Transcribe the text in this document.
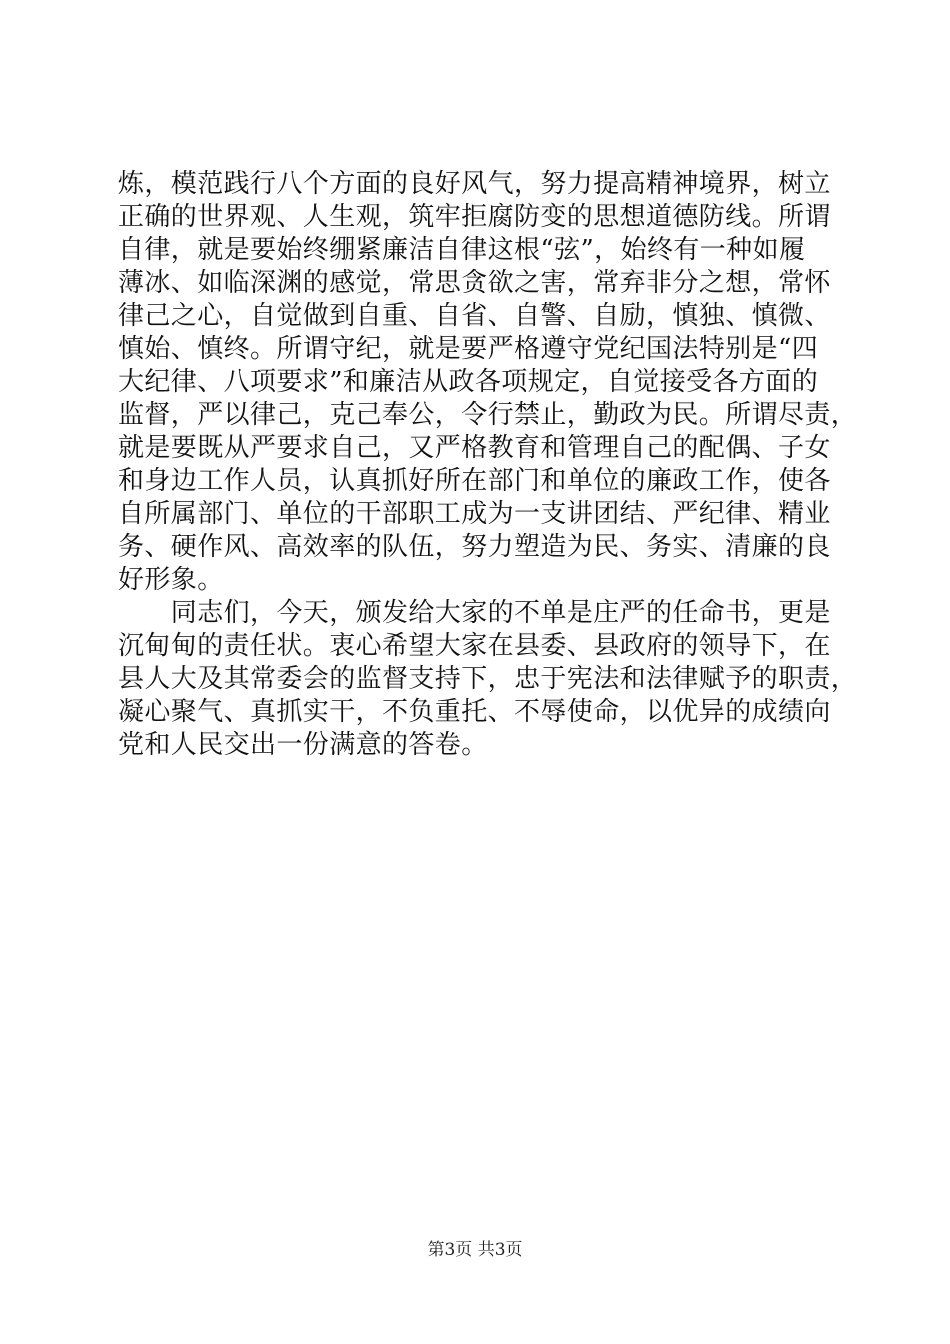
炼，模范践行八个方面的良好风气，努力提高精神境界，树立
正确的世界观、人生观，筑牢拒腐防变的思想道德防线。所谓
自律，就是要始终绷紧廉洁自律这根“弦”，始终有一种如履
薄冰、如临深渊的感觉，常思贪欲之害，常弃非分之想，常怀
律己之心，自觉做到自重、自省、自警、自励，慎独、慎微、
慎始、慎终。所谓守纪，就是要严格遵守党纪国法特别是“四
大纪律、八项要求”和廉洁从政各项规定，自觉接受各方面的
监督，严以律己，克己奉公，令行禁止，勤政为民。所谓尽责，
就是要既从严要求自己，又严格教育和管理自己的配偶、子女
和身边工作人员，认真抓好所在部门和单位的廉政工作，使各
自所属部门、单位的干部职工成为一支讲团结、严纪律、精业
务、硬作风、高效率的队伍，努力塑造为民、务实、清廉的良
好形象。
　　同志们，今天，颁发给大家的不单是庄严的任命书，更是
沉甸甸的责任状。衷心希望大家在县委、县政府的领导下，在
县人大及其常委会的监督支持下，忠于宪法和法律赋予的职责，
凝心聚气、真抓实干，不负重托、不辱使命，以优异的成绩向
党和人民交出一份满意的答卷。
第3页 共3页
